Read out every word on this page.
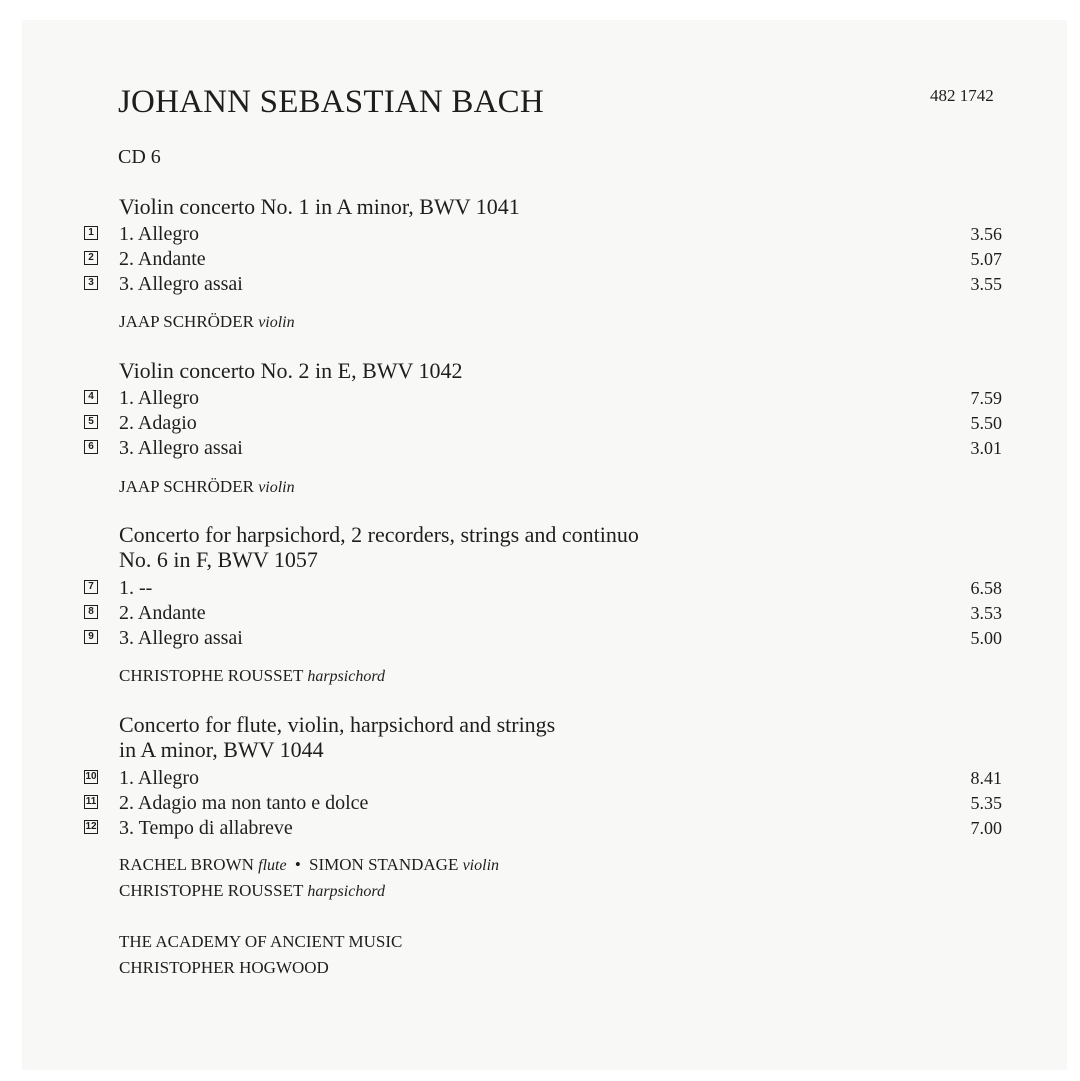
JOHANN SEBASTIAN BACH	482 1742
CD 6
Violin concerto No. 1 in A minor, BWV 1041
1 1. Allegro	3.56
2 2. Andante	5.07
3 3. Allegro assai	3.55
JAAP SCHRÖDER violin
Violin concerto No. 2 in E, BWV 1042
4 1. Allegro	7.59
5 2. Adagio	5.50
6 3. Allegro assai	3.01
JAAP SCHRÖDER violin
Concerto for harpsichord, 2 recorders, strings and continuo
No. 6 in F, BWV 1057
7 1. --	6.58
8 2. Andante	3.53
9 3. Allegro assai	5.00
CHRISTOPHE ROUSSET harpsichord
Concerto for flute, violin, harpsichord and strings
in A minor, BWV 1044
10 1. Allegro	8.41
11 2. Adagio ma non tanto e dolce	5.35
12 3. Tempo di allabreve	7.00
RACHEL BROWN flute • SIMON STANDAGE violin
CHRISTOPHE ROUSSET harpsichord
THE ACADEMY OF ANCIENT MUSIC
CHRISTOPHER HOGWOOD
